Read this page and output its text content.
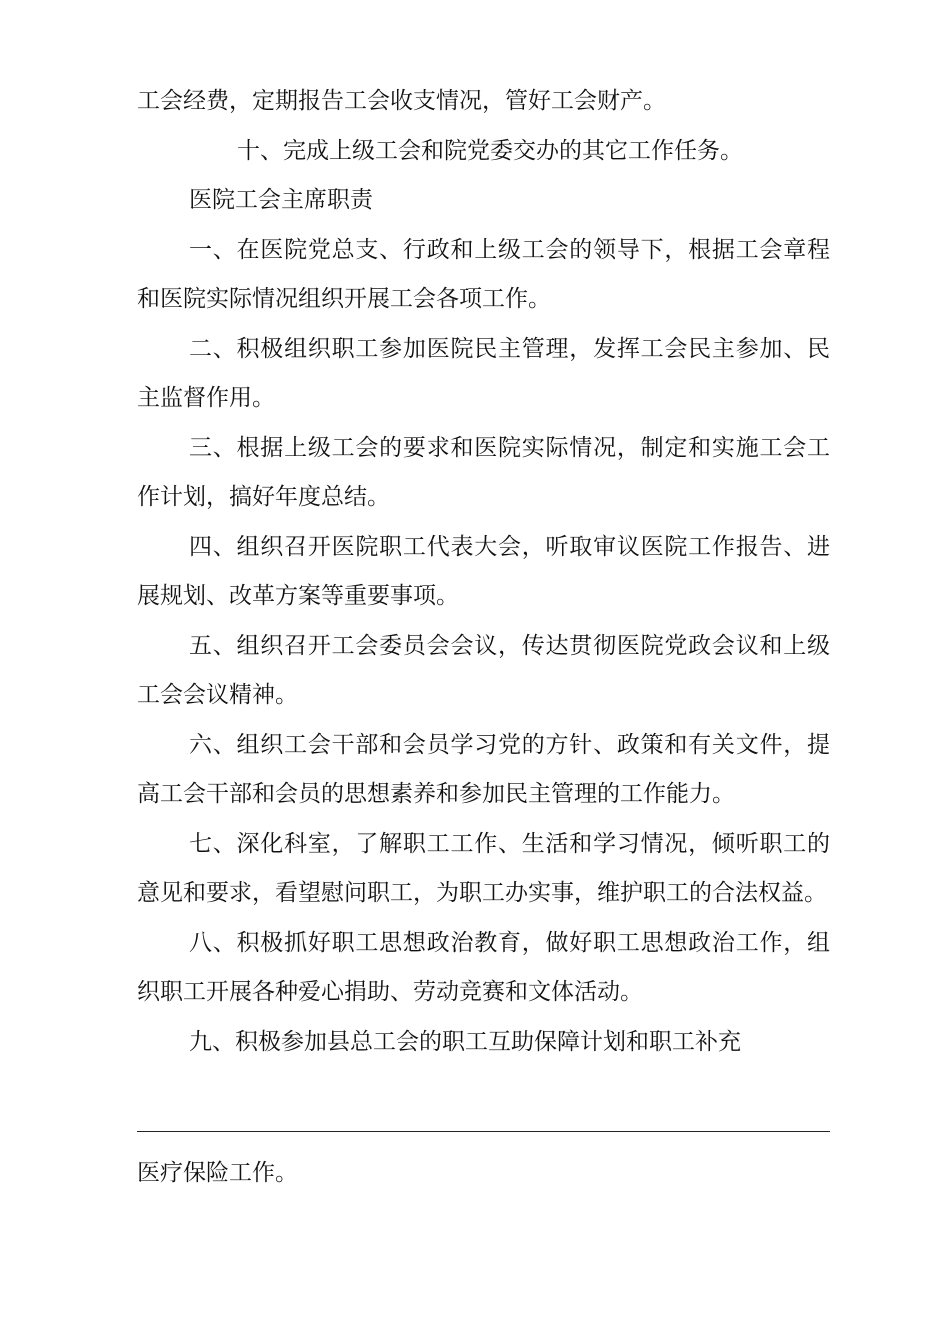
工会经费，定期报告工会收支情况，管好工会财产。

十、完成上级工会和院党委交办的其它工作任务。

医院工会主席职责

一、在医院党总支、行政和上级工会的领导下，根据工会章程和医院实际情况组织开展工会各项工作。

二、积极组织职工参加医院民主管理，发挥工会民主参加、民主监督作用。

三、根据上级工会的要求和医院实际情况，制定和实施工会工作计划，搞好年度总结。

四、组织召开医院职工代表大会，听取审议医院工作报告、进展规划、改革方案等重要事项。

五、组织召开工会委员会会议，传达贯彻医院党政会议和上级工会会议精神。

六、组织工会干部和会员学习党的方针、政策和有关文件，提高工会干部和会员的思想素养和参加民主管理的工作能力。

七、深化科室，了解职工工作、生活和学习情况，倾听职工的意见和要求，看望慰问职工，为职工办实事，维护职工的合法权益。

八、积极抓好职工思想政治教育，做好职工思想政治工作，组织职工开展各种爱心捐助、劳动竞赛和文体活动。

九、积极参加县总工会的职工互助保障计划和职工补充

医疗保险工作。
